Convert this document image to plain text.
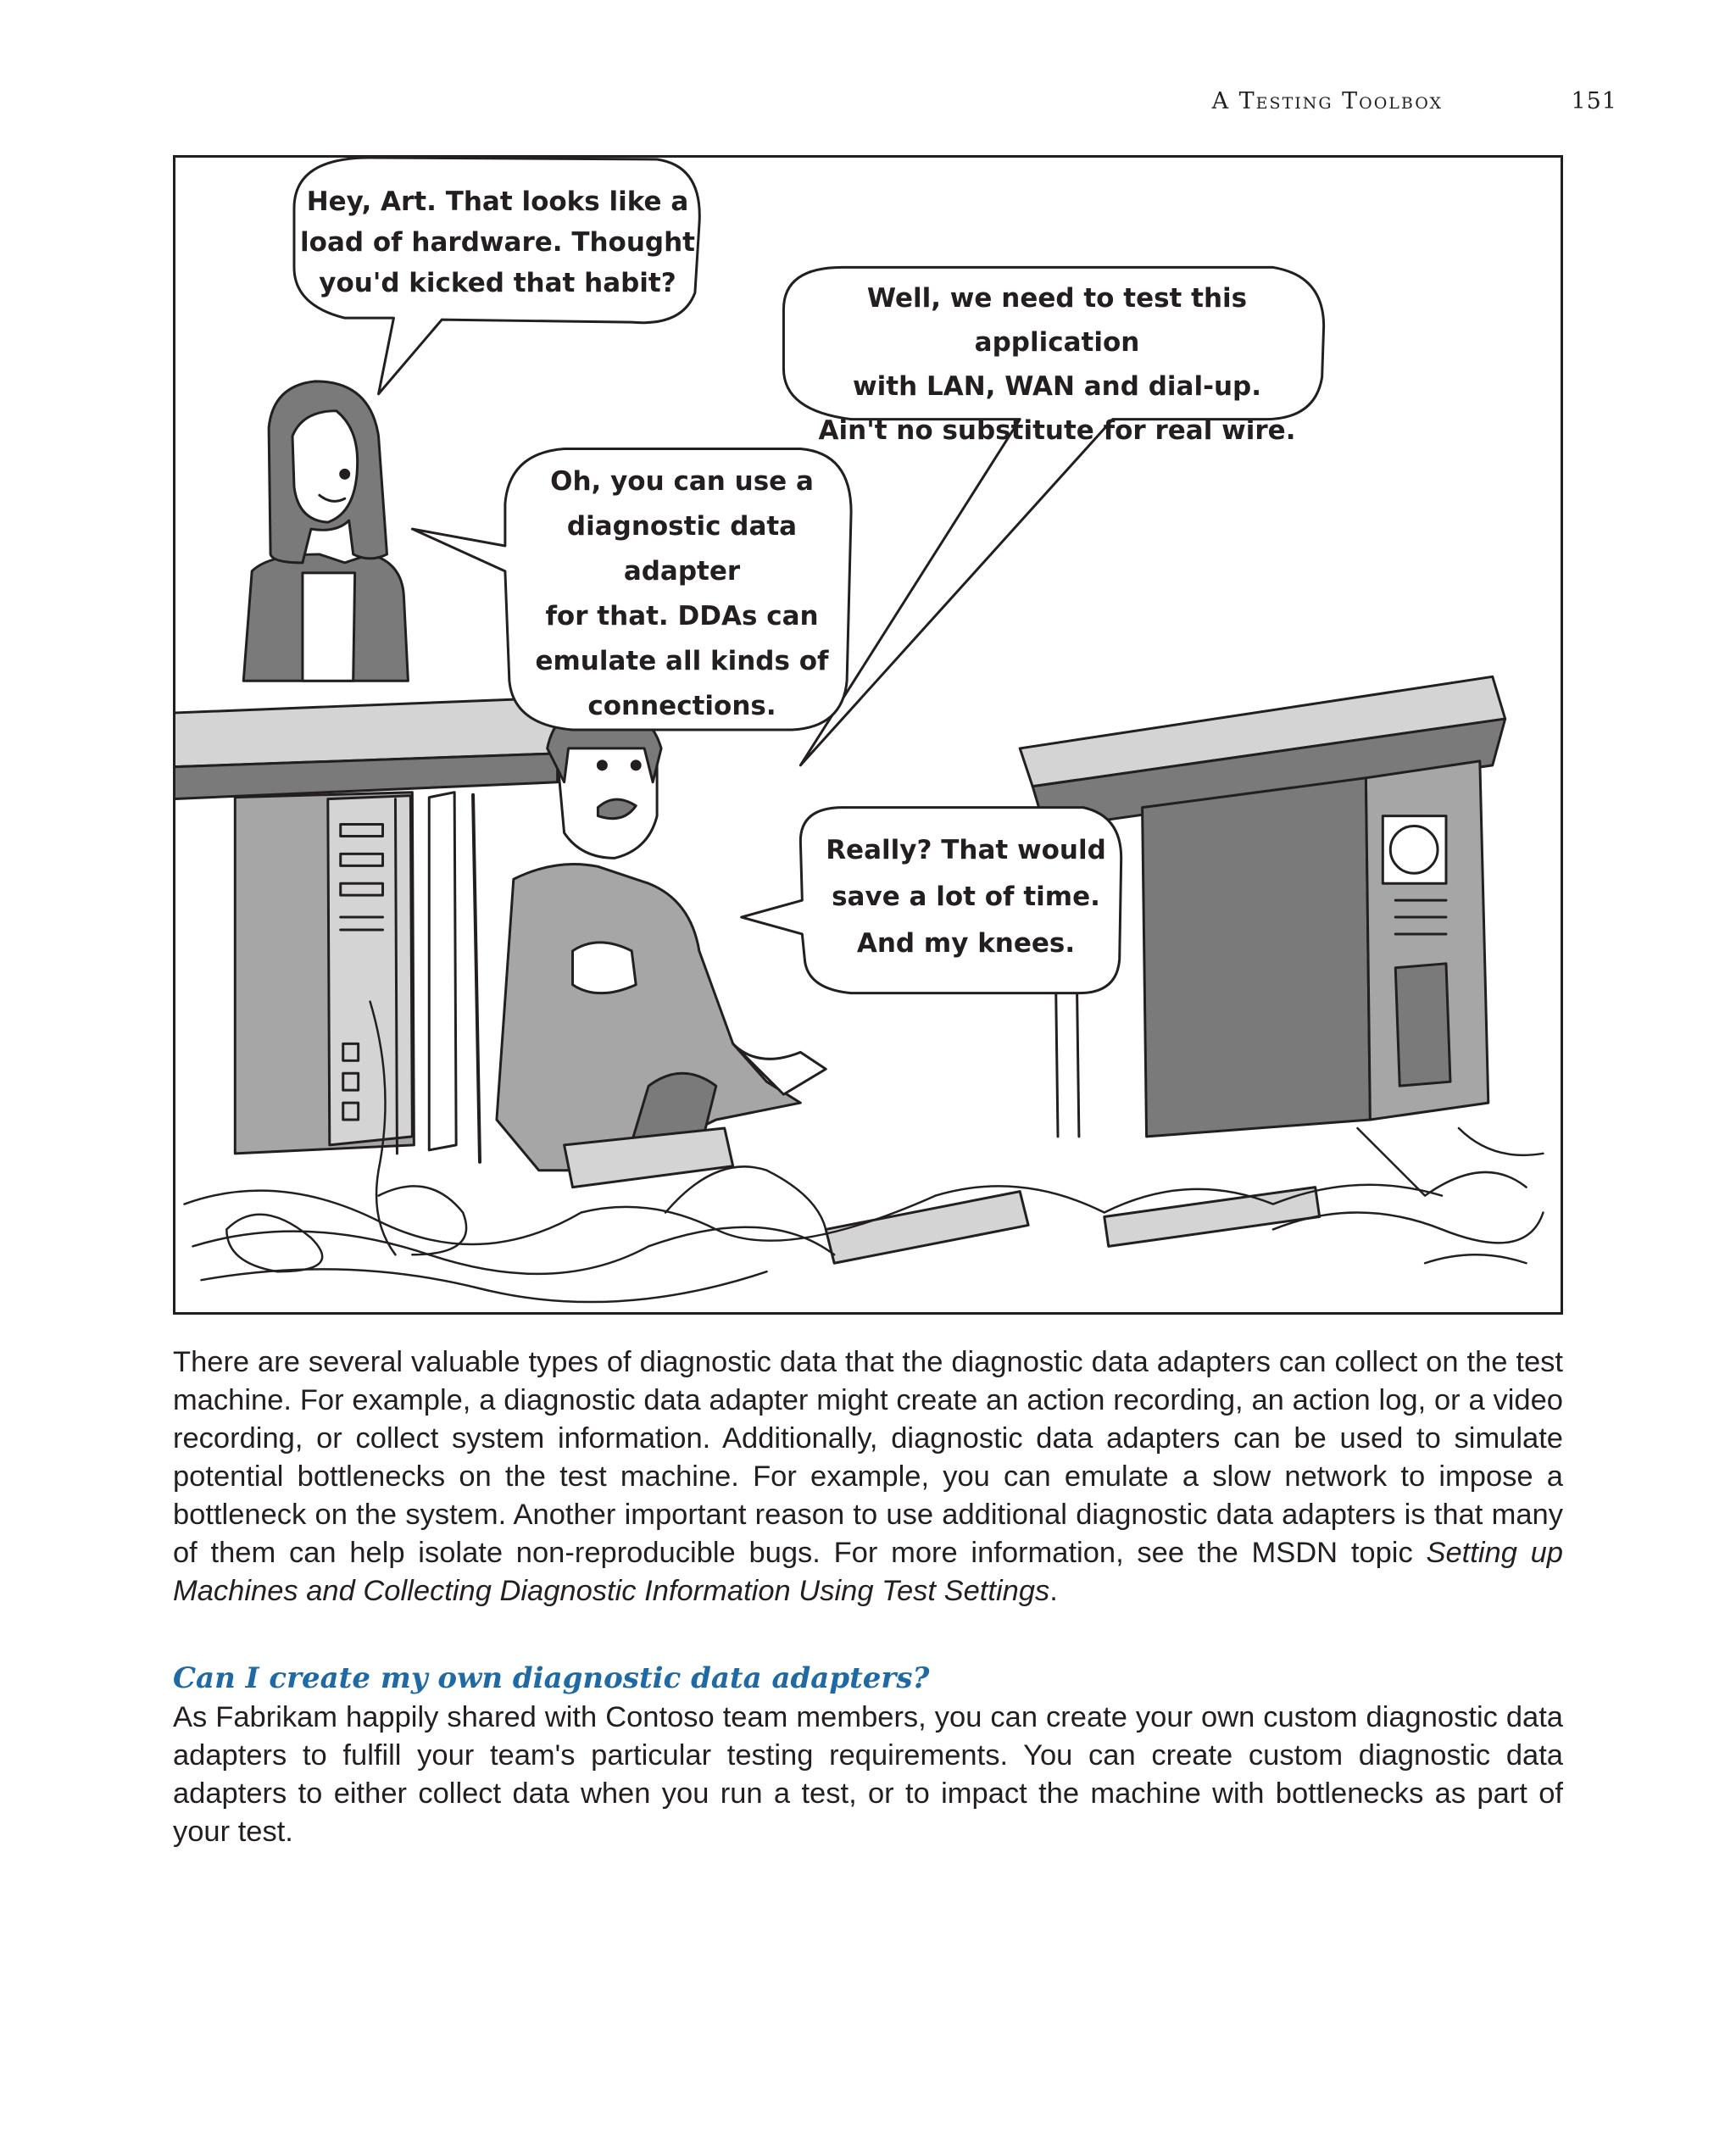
A Testing Toolbox	151
Hey, Art. That looks like a
load of hardware. Thought
you'd kicked that habit?	Well, we need to test this application
with LAN, WAN and dial-up.
Ain't no substitute for real wire.
Oh, you can use a
diagnostic data adapter
for that. DDAs can
emulate all kinds of
connections.
Really? That would
save a lot of time.
And my knees.
There are several valuable types of diagnostic data that the diagnostic data adapters can collect on the test machine. For example, a diagnostic data adapter might create an action recording, an action log, or a video recording, or collect system information. Additionally, diagnostic data adapters can be used to simulate potential bottlenecks on the test machine. For example, you can emulate a slow network to impose a bottleneck on the system. Another important reason to use additional diagnostic data adapters is that many of them can help isolate non-reproducible bugs. For more information, see the MSDN topic Setting up Machines and Collecting Diagnostic Information Using Test Settings.
Can I create my own diagnostic data adapters?
As Fabrikam happily shared with Contoso team members, you can create your own custom diagnostic data adapters to fulfill your team's particular testing requirements. You can create custom diagnostic data adapters to either collect data when you run a test, or to impact the machine with bottlenecks as part of your test.
